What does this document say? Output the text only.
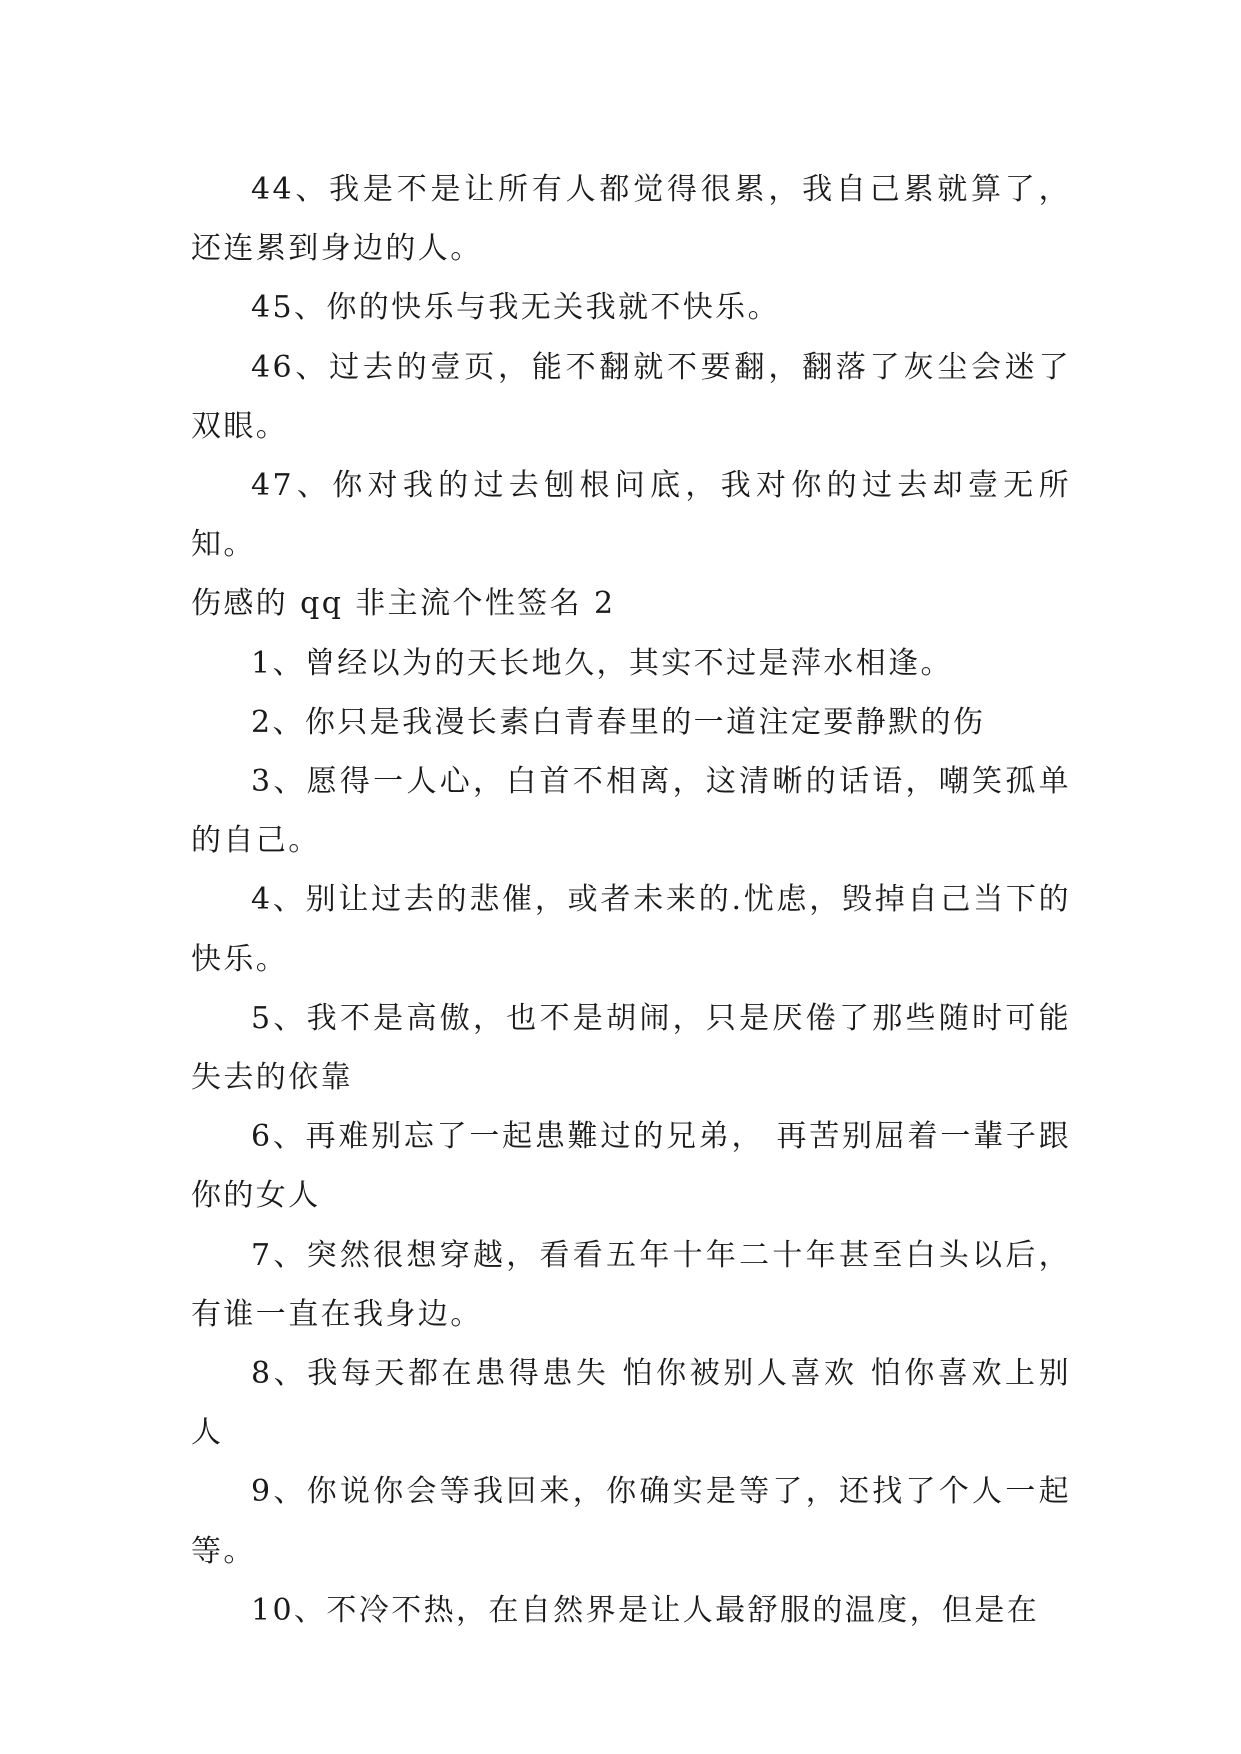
44、我是不是让所有人都觉得很累，我自己累就算了，还连累到身边的人。

45、你的快乐与我无关我就不快乐。

46、过去的壹页，能不翻就不要翻，翻落了灰尘会迷了双眼。

47、你对我的过去刨根问底，我对你的过去却壹无所知。

伤感的 qq 非主流个性签名 2

1、曾经以为的天长地久，其实不过是萍水相逢。

2、你只是我漫长素白青春里的一道注定要静默的伤

3、愿得一人心，白首不相离，这清晰的话语，嘲笑孤单的自己。

4、别让过去的悲催，或者未来的.忧虑，毁掉自己当下的快乐。

5、我不是高傲，也不是胡闹，只是厌倦了那些随时可能失去的依靠

6、再难别忘了一起患難过的兄弟， 再苦别屈着一輩子跟你的女人

7、突然很想穿越，看看五年十年二十年甚至白头以后，有谁一直在我身边。

8、我每天都在患得患失 怕你被别人喜欢 怕你喜欢上别人

9、你说你会等我回来，你确实是等了，还找了个人一起等。

10、不冷不热，在自然界是让人最舒服的温度，但是在
